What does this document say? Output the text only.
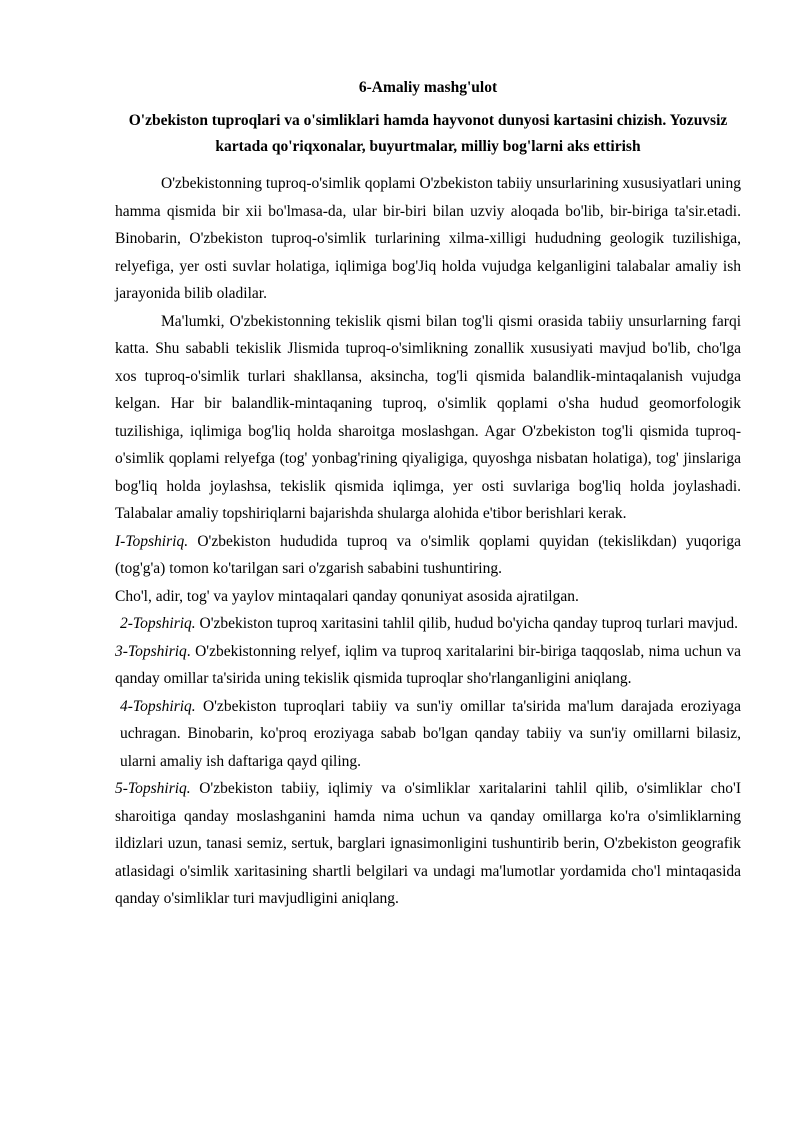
6-Amaliy mashg'ulot

O'zbekiston tuproqlari va o'simliklari hamda hayvonot dunyosi kartasini chizish. Yozuvsiz kartada qo'riqxonalar, buyurtmalar, milliy bog'larni aks ettirish

O'zbekistonning tuproq-o'simlik qoplami O'zbekiston tabiiy unsurlarining xususiyatlari uning hamma qismida bir xii bo'lmasa-da, ular bir-biri bilan uzviy aloqada bo'lib, bir-biriga ta'sir.etadi. Binobarin, O'zbekiston tuproq-o'simlik turlarining xilma-xilligi hududning geologik tuzilishiga, relyefiga, yer osti suvlar holatiga, iqlimiga bog'Jiq holda vujudga kelganligini talabalar amaliy ish jarayonida bilib oladilar.

Ma'lumki, O'zbekistonning tekislik qismi bilan tog'li qismi orasida tabiiy unsurlarning farqi katta. Shu sababli tekislik Jlismida tuproq-o'simlikning zonallik xususiyati mavjud bo'lib, cho'lga xos tuproq-o'simlik turlari shakllansa, aksincha, tog'li qismida balandlik-mintaqalanish vujudga kelgan. Har bir balandlik-mintaqaning tuproq, o'simlik qoplami o'sha hudud geomorfologik tuzilishiga, iqlimiga bog'liq holda sharoitga moslashgan. Agar O'zbekiston tog'li qismida tuproq-o'simlik qoplami relyefga (tog' yonbag'rining qiyaligiga, quyoshga nisbatan holatiga), tog' jinslariga bog'liq holda joylashsa, tekislik qismida iqlimga, yer osti suvlariga bog'liq holda joylashadi. Talabalar amaliy topshiriqlarni bajarishda shularga alohida e'tibor berishlari kerak.

I-Topshiriq. O'zbekiston hududida tuproq va o'simlik qoplami quyidan (tekislikdan) yuqoriga (tog'g'a) tomon ko'tarilgan sari o'zgarish sababini tushuntiring.

Cho'l, adir, tog' va yaylov mintaqalari qanday qonuniyat asosida ajratilgan.

2-Topshiriq. O'zbekiston tuproq xaritasini tahlil qilib, hudud bo'yicha qanday tuproq turlari mavjud.

3-Topshiriq. O'zbekistonning relyef, iqlim va tuproq xaritalarini bir-biriga taqqoslab, nima uchun va qanday omillar ta'sirida uning tekislik qismida tuproqlar sho'rlanganligini aniqlang.

4-Topshiriq. O'zbekiston tuproqlari tabiiy va sun'iy omillar ta'sirida ma'lum darajada eroziyaga uchragan. Binobarin, ko'proq eroziyaga sabab bo'lgan qanday tabiiy va sun'iy omillarni bilasiz, ularni amaliy ish daftariga qayd qiling.

5-Topshiriq. O'zbekiston tabiiy, iqlimiy va o'simliklar xaritalarini tahlil qilib, o'simliklar cho'I sharoitiga qanday moslashganini hamda nima uchun va qanday omillarga ko'ra o'simliklarning ildizlari uzun, tanasi semiz, sertuk, barglari ignasimonligini tushuntirib berin, O'zbekiston geografik atlasidagi o'simlik xaritasining shartli belgilari va undagi ma'lumotlar yordamida cho'l mintaqasida qanday o'simliklar turi mavjudligini aniqlang.
